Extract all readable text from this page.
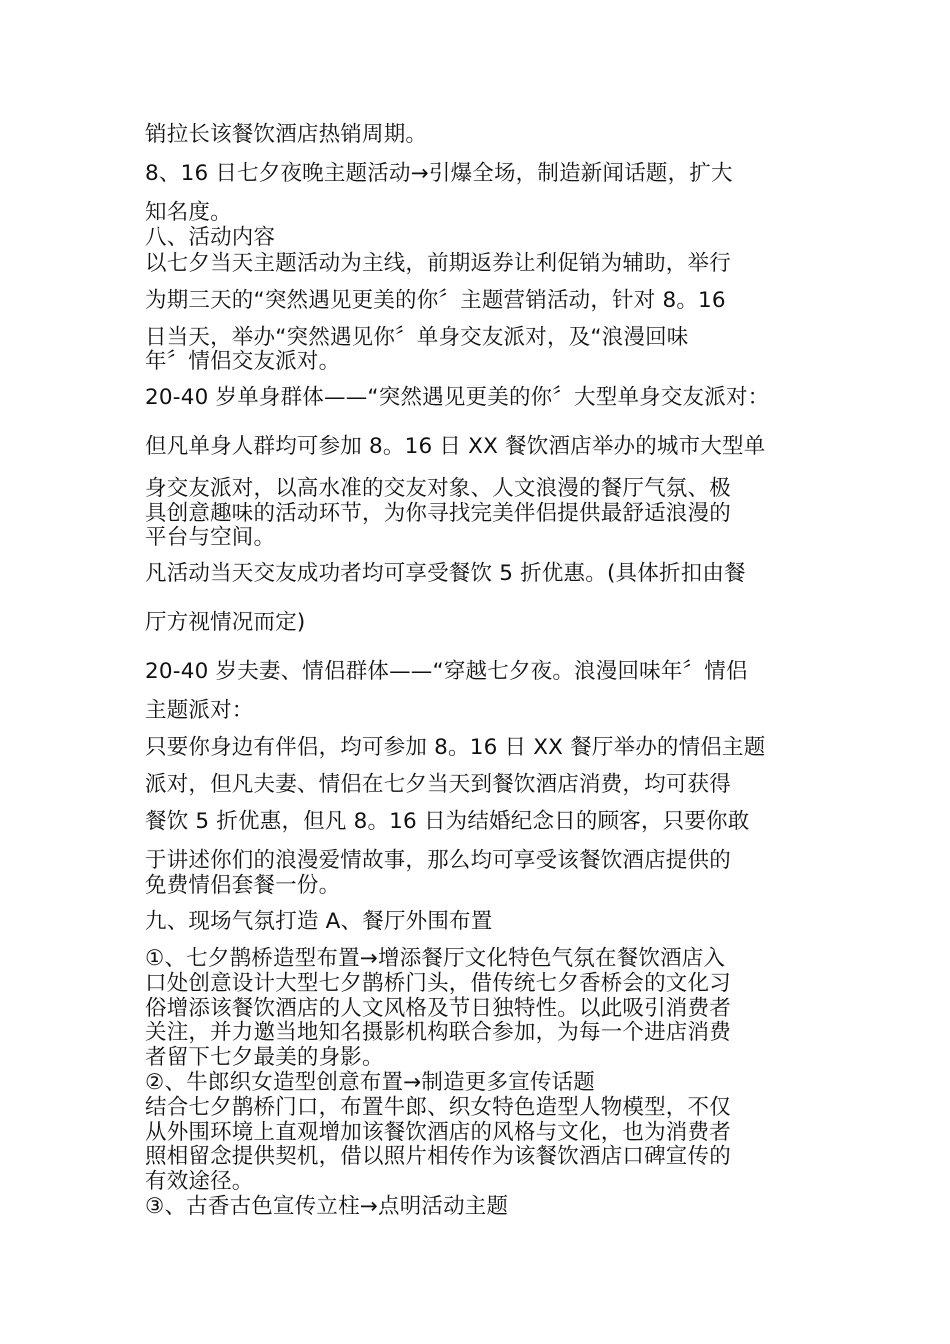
销拉长该餐饮酒店热销周期。
8、16 日七夕夜晚主题活动→引爆全场，制造新闻话题，扩大
知名度。
八、活动内容
以七夕当天主题活动为主线，前期返券让利促销为辅助，举行
为期三天的“突然遇见更美的你〞主题营销活动，针对 8。16
日当天，举办“突然遇见你〞单身交友派对，及“浪漫回味
年〞情侣交友派对。
20-40 岁单身群体——“突然遇见更美的你〞大型单身交友派对：
但凡单身人群均可参加 8。16 日 XX 餐饮酒店举办的城市大型单
身交友派对，以高水准的交友对象、人文浪漫的餐厅气氛、极
具创意趣味的活动环节，为你寻找完美伴侣提供最舒适浪漫的
平台与空间。
凡活动当天交友成功者均可享受餐饮 5 折优惠。(具体折扣由餐
厅方视情况而定)
20-40 岁夫妻、情侣群体——“穿越七夕夜。浪漫回味年〞情侣
主题派对：
只要你身边有伴侣，均可参加 8。16 日 XX 餐厅举办的情侣主题
派对，但凡夫妻、情侣在七夕当天到餐饮酒店消费，均可获得
餐饮 5 折优惠，但凡 8。16 日为结婚纪念日的顾客，只要你敢
于讲述你们的浪漫爱情故事，那么均可享受该餐饮酒店提供的
免费情侣套餐一份。
九、现场气氛打造 A、餐厅外围布置
①、七夕鹊桥造型布置→增添餐厅文化特色气氛在餐饮酒店入
口处创意设计大型七夕鹊桥门头，借传统七夕香桥会的文化习
俗增添该餐饮酒店的人文风格及节日独特性。以此吸引消费者
关注，并力邀当地知名摄影机构联合参加，为每一个进店消费
者留下七夕最美的身影。
②、牛郎织女造型创意布置→制造更多宣传话题
结合七夕鹊桥门口，布置牛郎、织女特色造型人物模型，不仅
从外围环境上直观增加该餐饮酒店的风格与文化，也为消费者
照相留念提供契机，借以照片相传作为该餐饮酒店口碑宣传的
有效途径。
③、古香古色宣传立柱→点明活动主题
